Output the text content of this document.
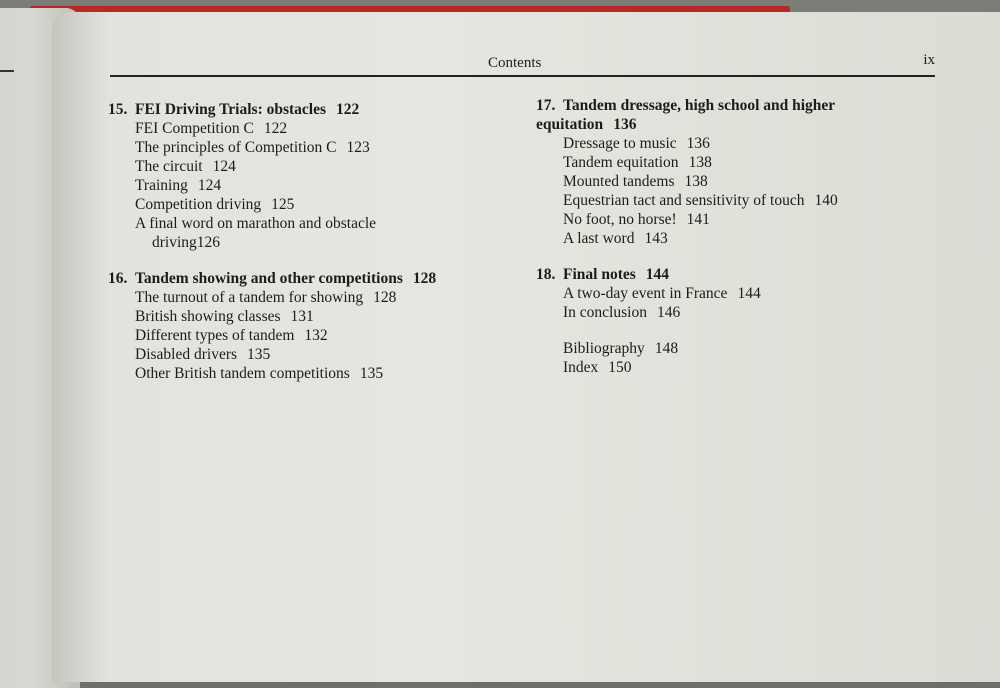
Contents	ix
15. FEI Driving Trials: obstacles 122
FEI Competition C 122
The principles of Competition C 123
The circuit 124
Training 124
Competition driving 125
A final word on marathon and obstacle
driving126
16. Tandem showing and other competitions 128
The turnout of a tandem for showing 128
British showing classes 131
Different types of tandem 132
Disabled drivers 135
Other British tandem competitions 135
17. Tandem dressage, high school and higher
equitation 136
Dressage to music 136
Tandem equitation 138
Mounted tandems 138
Equestrian tact and sensitivity of touch 140
No foot, no horse! 141
A last word 143
18. Final notes 144
A two-day event in France 144
In conclusion 146
Bibliography 148
Index 150
